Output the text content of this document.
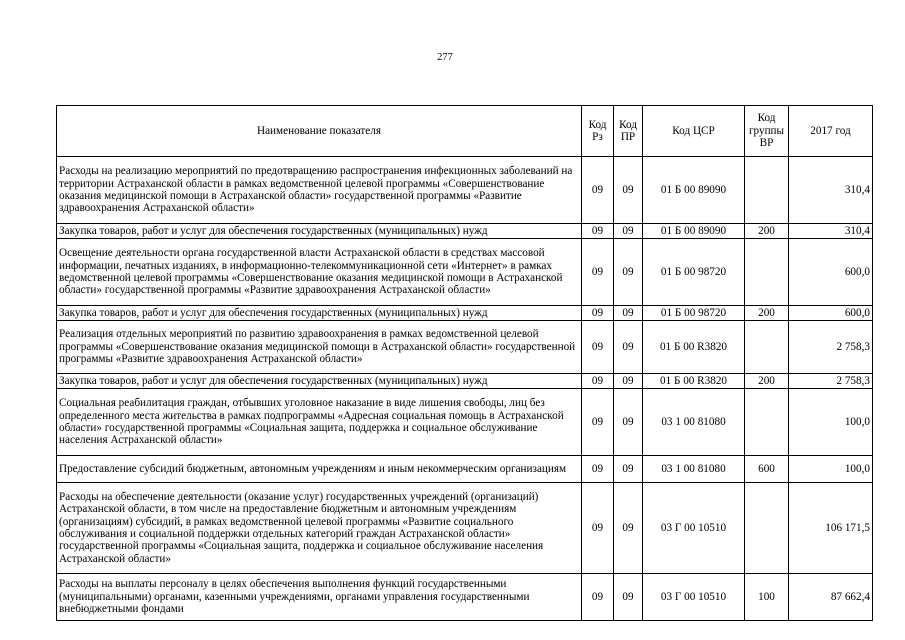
277
Наименование показателя	Код Рз	Код ПР	Код ЦСР	Код группы ВР	2017 год
Расходы на реализацию мероприятий по предотвращению распространения инфекционных заболеваний на территории Астраханской области в рамках ведомственной целевой программы «Совершенствование оказания медицинской помощи в Астраханской области» государственной программы «Развитие здравоохранения Астраханской области»	09	09	01 Б 00 89090		310,4
Закупка товаров, работ и услуг для обеспечения государственных (муниципальных) нужд	09	09	01 Б 00 89090	200	310,4
Освещение деятельности органа государственной власти Астраханской области в средствах массовой информации, печатных изданиях, в информационно-телекоммуникационной сети «Интернет» в рамках ведомственной целевой программы «Совершенствование оказания медицинской помощи в Астраханской области» государственной программы «Развитие здравоохранения Астраханской области»	09	09	01 Б 00 98720		600,0
Закупка товаров, работ и услуг для обеспечения государственных (муниципальных) нужд	09	09	01 Б 00 98720	200	600,0
Реализация отдельных мероприятий по развитию здравоохранения в рамках ведомственной целевой программы «Совершенствование оказания медицинской помощи в Астраханской области» государственной программы «Развитие здравоохранения Астраханской области»	09	09	01 Б 00 R3820		2 758,3
Закупка товаров, работ и услуг для обеспечения государственных (муниципальных) нужд	09	09	01 Б 00 R3820	200	2 758,3
Социальная реабилитация граждан, отбывших уголовное наказание в виде лишения свободы, лиц без определенного места жительства в рамках подпрограммы «Адресная социальная помощь в Астраханской области» государственной программы «Социальная защита, поддержка и социальное обслуживание населения Астраханской области»	09	09	03 1 00 81080		100,0
Предоставление субсидий бюджетным, автономным учреждениям и иным некоммерческим организациям	09	09	03 1 00 81080	600	100,0
Расходы на обеспечение деятельности (оказание услуг) государственных учреждений (организаций) Астраханской области, в том числе на предоставление бюджетным и автономным учреждениям (организациям) субсидий, в рамках ведомственной целевой программы «Развитие социального обслуживания и социальной поддержки отдельных категорий граждан Астраханской области» государственной программы «Социальная защита, поддержка и социальное обслуживание населения Астраханской области»	09	09	03 Г 00 10510		106 171,5
Расходы на выплаты персоналу в целях обеспечения выполнения функций государственными (муниципальными) органами, казенными учреждениями, органами управления государственными внебюджетными фондами	09	09	03 Г 00 10510	100	87 662,4
